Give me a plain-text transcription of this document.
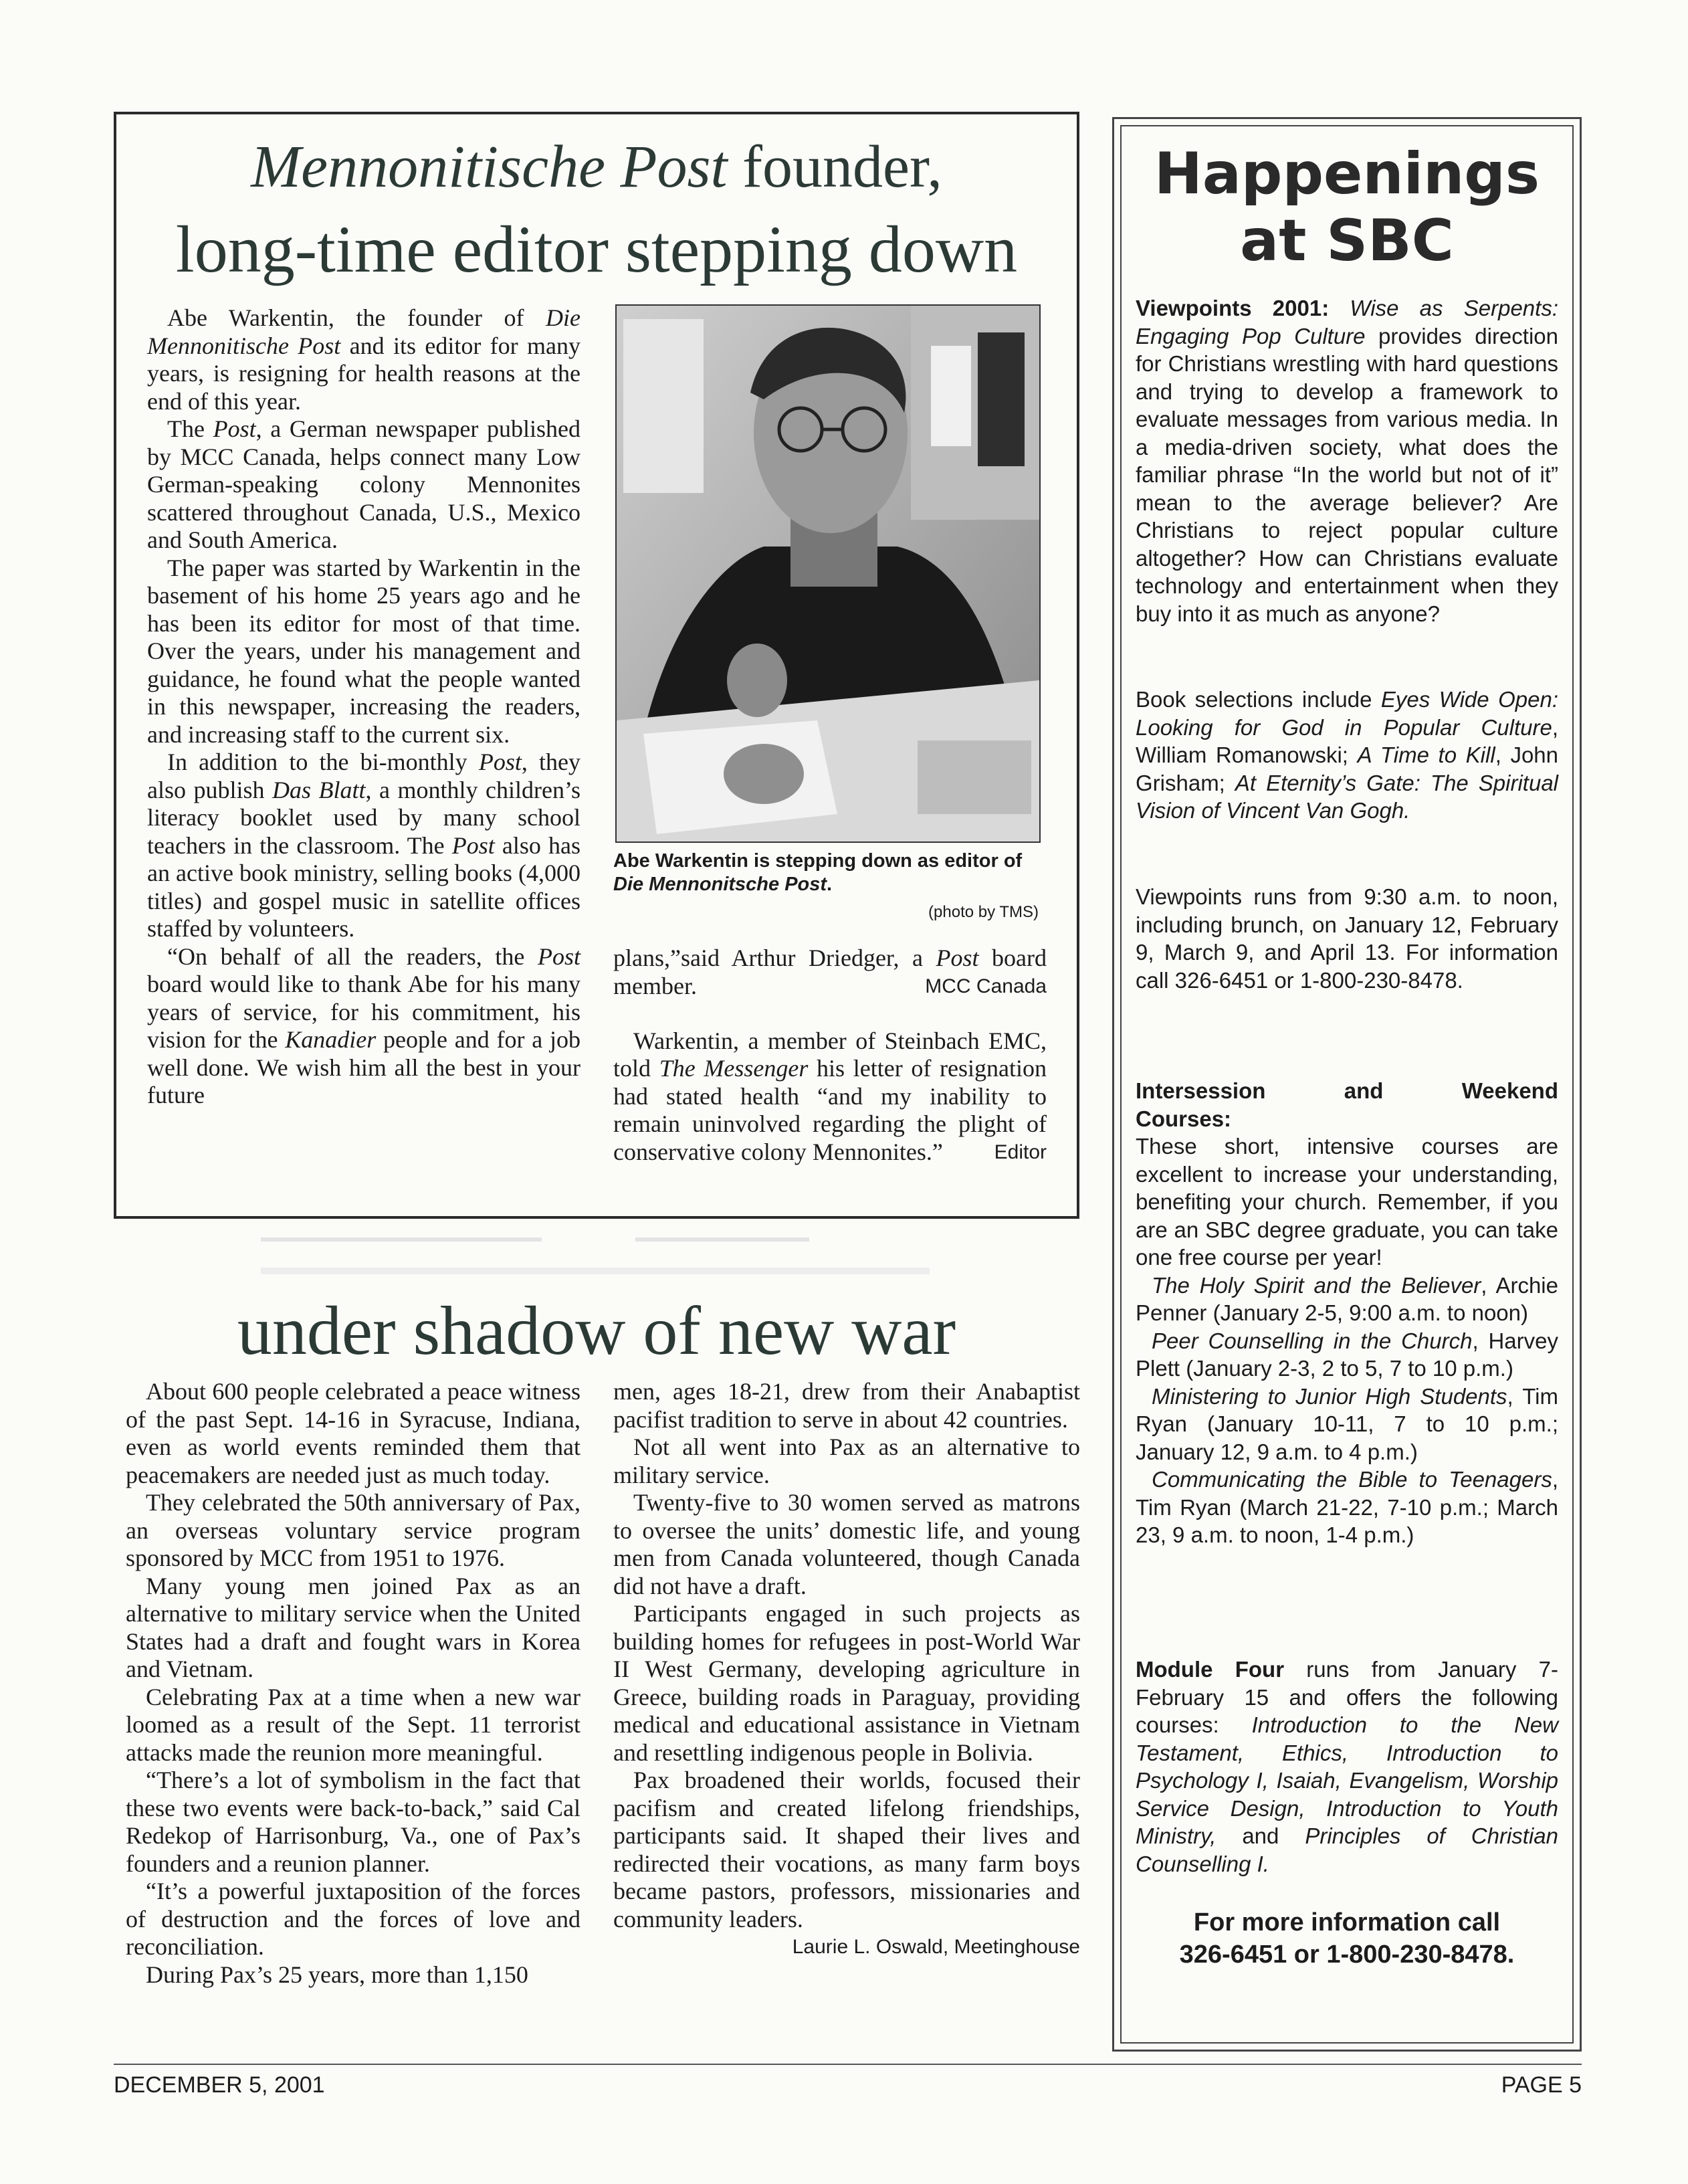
Mennonitische Post founder,
long-time editor stepping down

Abe Warkentin, the founder of Die Mennonitische Post and its editor for many years, is resigning for health reasons at the end of this year.

The Post, a German newspaper published by MCC Canada, helps connect many Low German-speaking colony Mennonites scattered throughout Canada, U.S., Mexico and South America.

The paper was started by Warkentin in the basement of his home 25 years ago and he has been its editor for most of that time. Over the years, under his management and guidance, he found what the people wanted in this newspaper, increasing the readers, and increasing staff to the current six.

In addition to the bi-monthly Post, they also publish Das Blatt, a monthly children’s literacy booklet used by many school teachers in the classroom. The Post also has an active book ministry, selling books (4,000 titles) and gospel music in satellite offices staffed by volunteers.

“On behalf of all the readers, the Post board would like to thank Abe for his many years of service, for his commitment, his vision for the Kanadier people and for a job well done. We wish him all the best in your future

Abe Warkentin is stepping down as editor of Die Mennonitsche Post.
(photo by TMS)

plans,”said Arthur Driedger, a Post board member.	MCC Canada

Warkentin, a member of Steinbach EMC, told The Messenger his letter of resignation had stated health “and my inability to remain uninvolved regarding the plight of conservative colony Mennonites.”	Editor
under shadow of new war

About 600 people celebrated a peace witness of the past Sept. 14-16 in Syracuse, Indiana, even as world events reminded them that peacemakers are needed just as much today.

They celebrated the 50th anniversary of Pax, an overseas voluntary service program sponsored by MCC from 1951 to 1976.

Many young men joined Pax as an alternative to military service when the United States had a draft and fought wars in Korea and Vietnam.

Celebrating Pax at a time when a new war loomed as a result of the Sept. 11 terrorist attacks made the reunion more meaningful.

“There’s a lot of symbolism in the fact that these two events were back-to-back,” said Cal Redekop of Harrisonburg, Va., one of Pax’s founders and a reunion planner.

“It’s a powerful juxtaposition of the forces of destruction and the forces of love and reconciliation.

During Pax’s 25 years, more than 1,150

men, ages 18-21, drew from their Anabaptist pacifist tradition to serve in about 42 countries.

Not all went into Pax as an alternative to military service.

Twenty-five to 30 women served as matrons to oversee the units’ domestic life, and young men from Canada volunteered, though Canada did not have a draft.

Participants engaged in such projects as building homes for refugees in post-World War II West Germany, developing agriculture in Greece, building roads in Paraguay, providing medical and educational assistance in Vietnam and resettling indigenous people in Bolivia.

Pax broadened their worlds, focused their pacifism and created lifelong friendships, participants said. It shaped their lives and redirected their vocations, as many farm boys became pastors, professors, missionaries and community leaders.

Laurie L. Oswald, Meetinghouse
Happenings
at SBC

Viewpoints 2001: Wise as Serpents: Engaging Pop Culture provides direction for Christians wrestling with hard questions and trying to develop a framework to evaluate messages from various media. In a media-driven society, what does the familiar phrase “In the world but not of it” mean to the average believer? Are Christians to reject popular culture altogether? How can Christians evaluate technology and entertainment when they buy into it as much as anyone?

Book selections include Eyes Wide Open: Looking for God in Popular Culture, William Romanowski; A Time to Kill, John Grisham; At Eternity’s Gate: The Spiritual Vision of Vincent Van Gogh.

Viewpoints runs from 9:30 a.m. to noon, including brunch, on January 12, February 9, March 9, and April 13. For information call 326-6451 or 1-800-230-8478.

Intersession	and	Weekend
Courses:

These short, intensive courses are excellent to increase your understanding, benefiting your church. Remember, if you are an SBC degree graduate, you can take one free course per year!

The Holy Spirit and the Believer, Archie Penner (January 2-5, 9:00 a.m. to noon)

Peer Counselling in the Church, Harvey Plett (January 2-3, 2 to 5, 7 to 10 p.m.)

Ministering to Junior High Students, Tim Ryan (January 10-11, 7 to 10 p.m.; January 12, 9 a.m. to 4 p.m.)

Communicating the Bible to Teenagers, Tim Ryan (March 21-22, 7-10 p.m.; March 23, 9 a.m. to noon, 1-4 p.m.)

Module Four runs from January 7-February 15 and offers the following courses: Introduction to the New Testament, Ethics, Introduction to Psychology I, Isaiah, Evangelism, Worship Service Design, Introduction to Youth Ministry, and Principles of Christian Counselling I.

For more information call
326-6451 or 1-800-230-8478.
DECEMBER 5, 2001	PAGE 5
